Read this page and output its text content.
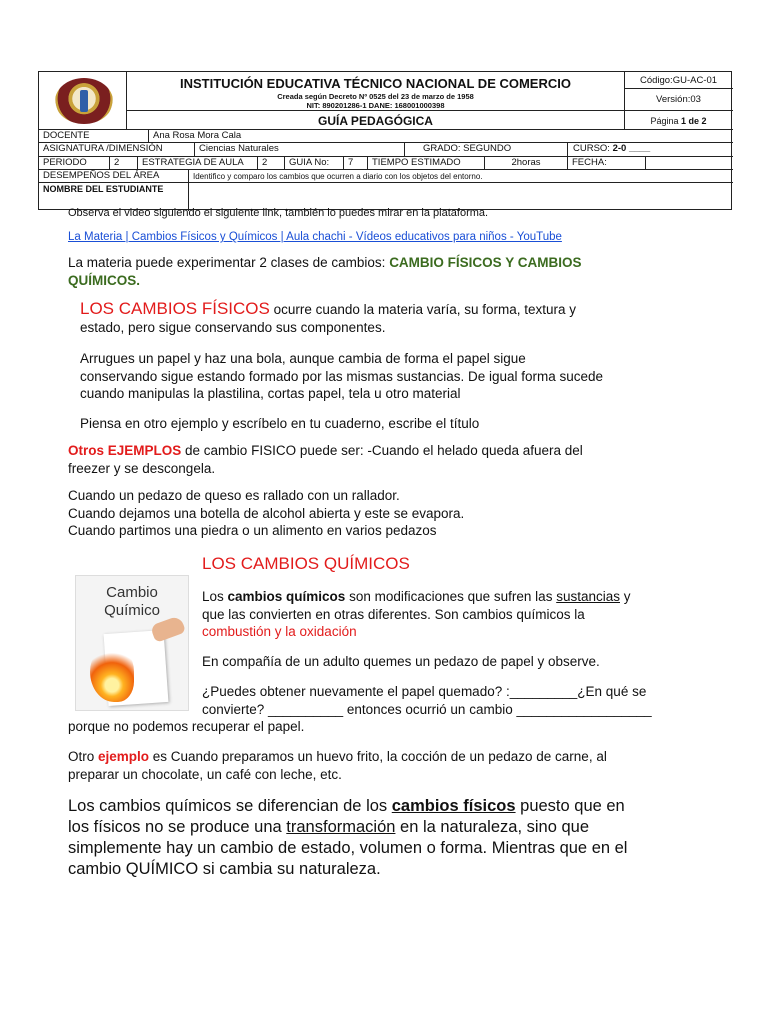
INSTITUCIÓN EDUCATIVA TÉCNICO NACIONAL DE COMERCIO
Creada según Decreto Nº 0525 del 23 de marzo de 1958
NIT: 890201286-1 DANE: 168001000398
GUÍA PEDAGÓGICA
Código:GU-AC-01
Versión:03
Página 1 de 2
DOCENTE	Ana Rosa Mora Cala
ASIGNATURA /DIMENSIÓN	Ciencias Naturales	GRADO: SEGUNDO	CURSO: 2-0 ____
PERIODO	2	ESTRATEGIA DE AULA	2	GUIA No:	7	TIEMPO ESTIMADO	2horas	FECHA:
DESEMPEÑOS DEL ÁREA	Identifico y comparo los cambios que ocurren a diario con los objetos del entorno.
NOMBRE DEL ESTUDIANTE
Observa el video siguiendo el siguiente link, también lo puedes mirar en la plataforma.
La Materia | Cambios Físicos y Químicos | Aula chachi - Vídeos educativos para niños - YouTube
La materia puede experimentar 2 clases de cambios: CAMBIO FÍSICOS Y CAMBIOS
QUÍMICOS.
LOS CAMBIOS FÍSICOS ocurre cuando la materia varía, su forma, textura y
estado, pero sigue conservando sus componentes.
Arrugues un papel y haz una bola, aunque cambia de forma el papel sigue
conservando sigue estando formado por las mismas sustancias. De igual forma sucede
cuando manipulas la plastilina, cortas papel, tela u otro material
Piensa en otro ejemplo y escríbelo en tu cuaderno, escribe el título
Otros EJEMPLOS de cambio FISICO puede ser: -Cuando el helado queda afuera del
freezer y se descongela.
Cuando un pedazo de queso es rallado con un rallador.
Cuando dejamos una botella de alcohol abierta y este se evapora.
Cuando partimos una piedra o un alimento en varios pedazos
LOS CAMBIOS QUÍMICOS
Cambio
Químico
Los cambios químicos son modificaciones que sufren las sustancias y
que las convierten en otras diferentes. Son cambios químicos la
combustión y la oxidación
En compañía de un adulto quemes un pedazo de papel y observe.
¿Puedes obtener nuevamente el papel quemado? :_________¿En qué se
convierte? __________ entonces ocurrió un cambio __________________
porque no podemos recuperar el papel.
Otro ejemplo es Cuando preparamos un huevo frito, la cocción de un pedazo de carne, al
preparar un chocolate, un café con leche, etc.
Los cambios químicos se diferencian de los cambios físicos puesto que en
los físicos no se produce una transformación en la naturaleza, sino que
simplemente hay un cambio de estado, volumen o forma. Mientras que en el
cambio QUÍMICO si cambia su naturaleza.
